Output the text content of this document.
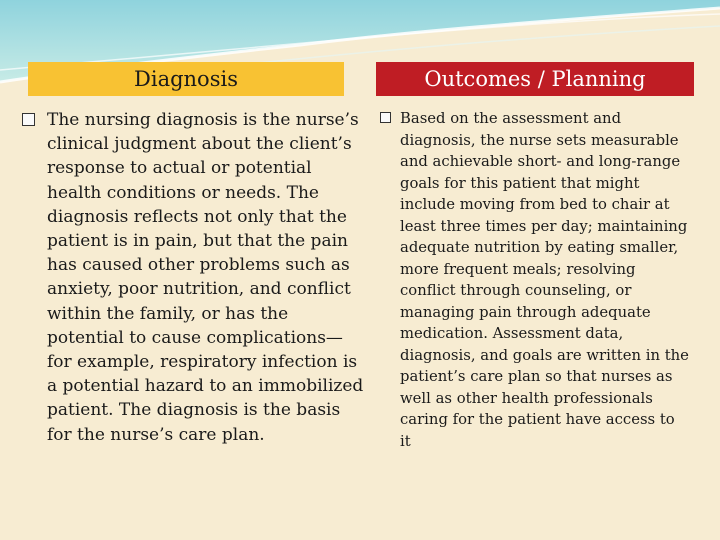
Diagnosis	Outcomes / Planning

The nursing diagnosis is the nurse’s clinical judgment about the client’s response to actual or potential health conditions or needs. The diagnosis reflects not only that the patient is in pain, but that the pain has caused other problems such as anxiety, poor nutrition, and conflict within the family, or has the potential to cause complications—for example, respiratory infection is a potential hazard to an immobilized patient. The diagnosis is the basis for the nurse’s care plan.

Based on the assessment and diagnosis, the nurse sets measurable and achievable short- and long-range goals for this patient that might include moving from bed to chair at least three times per day; maintaining adequate nutrition by eating smaller, more frequent meals; resolving conflict through counseling, or managing pain through adequate medication. Assessment data, diagnosis, and goals are written in the patient’s care plan so that nurses as well as other health professionals caring for the patient have access to it
